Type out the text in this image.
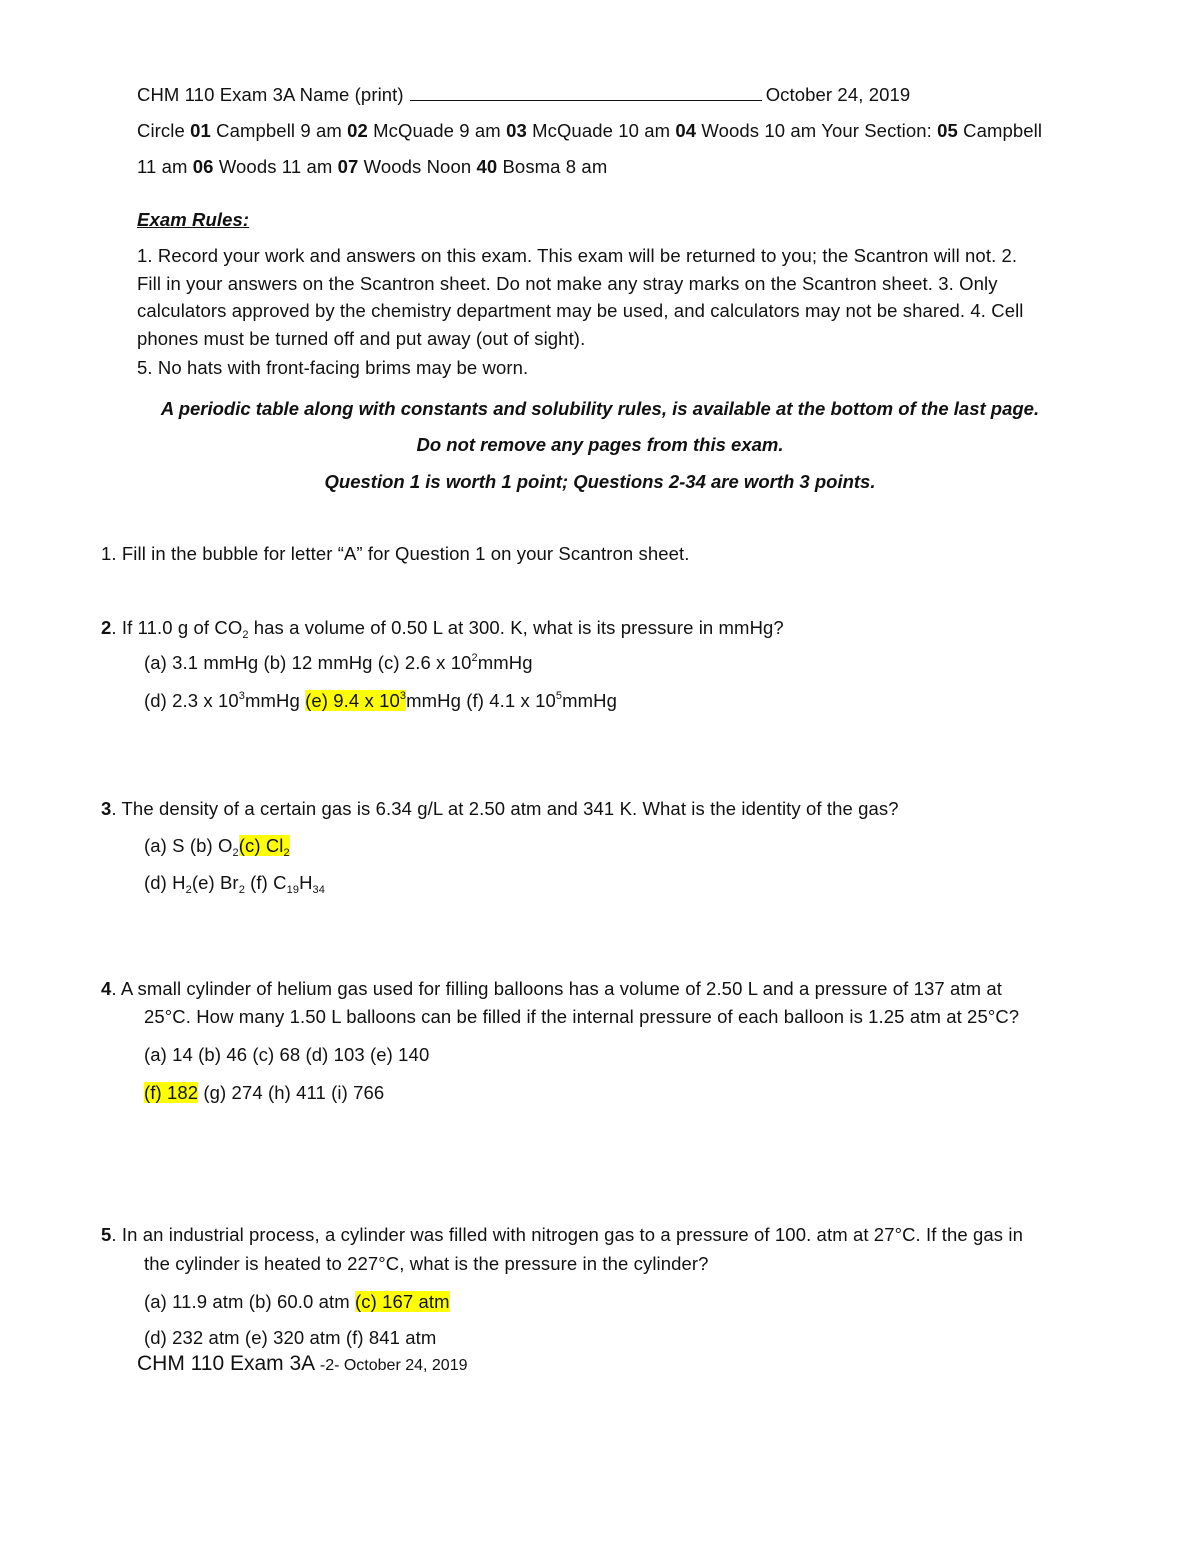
CHM 110 Exam 3A Name (print)	October 24, 2019
Circle 01 Campbell 9 am 02 McQuade 9 am 03 McQuade 10 am 04 Woods 10 am Your Section: 05 Campbell
11 am 06 Woods 11 am 07 Woods Noon 40 Bosma 8 am
Exam Rules:
1. Record your work and answers on this exam. This exam will be returned to you; the Scantron will not. 2.
Fill in your answers on the Scantron sheet. Do not make any stray marks on the Scantron sheet. 3. Only
calculators approved by the chemistry department may be used, and calculators may not be shared. 4. Cell
phones must be turned off and put away (out of sight).
5. No hats with front-facing brims may be worn.
A periodic table along with constants and solubility rules, is available at the bottom of the last page.
Do not remove any pages from this exam.
Question 1 is worth 1 point; Questions 2-34 are worth 3 points.
1. Fill in the bubble for letter “A” for Question 1 on your Scantron sheet.
2. If 11.0 g of $CO_2$ has a volume of 0.50 L at 300. K, what is its pressure in mmHg?
(a) 3.1 mmHg (b) 12 mmHg (c) 2.6 x $10^2mmHg$
(d) 2.3 x $10^3mmHg$ (e) 9.4 x $10^3mmHg$ (f) 4.1 x $10^5mmHg$
3. The density of a certain gas is 6.34 g/L at 2.50 atm and 341 K. What is the identity of the gas?
(a) S (b) $O_2(c)$ $Cl_2$
(d) $H_2(e)$ $Br_2$ (f) $C_{19}H_{34}$
4. A small cylinder of helium gas used for filling balloons has a volume of 2.50 L and a pressure of 137 atm at
25°C. How many 1.50 L balloons can be filled if the internal pressure of each balloon is 1.25 atm at 25°C?
(a) 14 (b) 46 (c) 68 (d) 103 (e) 140
(f) 182 (g) 274 (h) 411 (i) 766
5. In an industrial process, a cylinder was filled with nitrogen gas to a pressure of 100. atm at 27°C. If the gas in
the cylinder is heated to 227°C, what is the pressure in the cylinder?
(a) 11.9 atm (b) 60.0 atm (c) 167 atm
(d) 232 atm (e) 320 atm (f) 841 atm
CHM 110 Exam 3A -2- October 24, 2019
